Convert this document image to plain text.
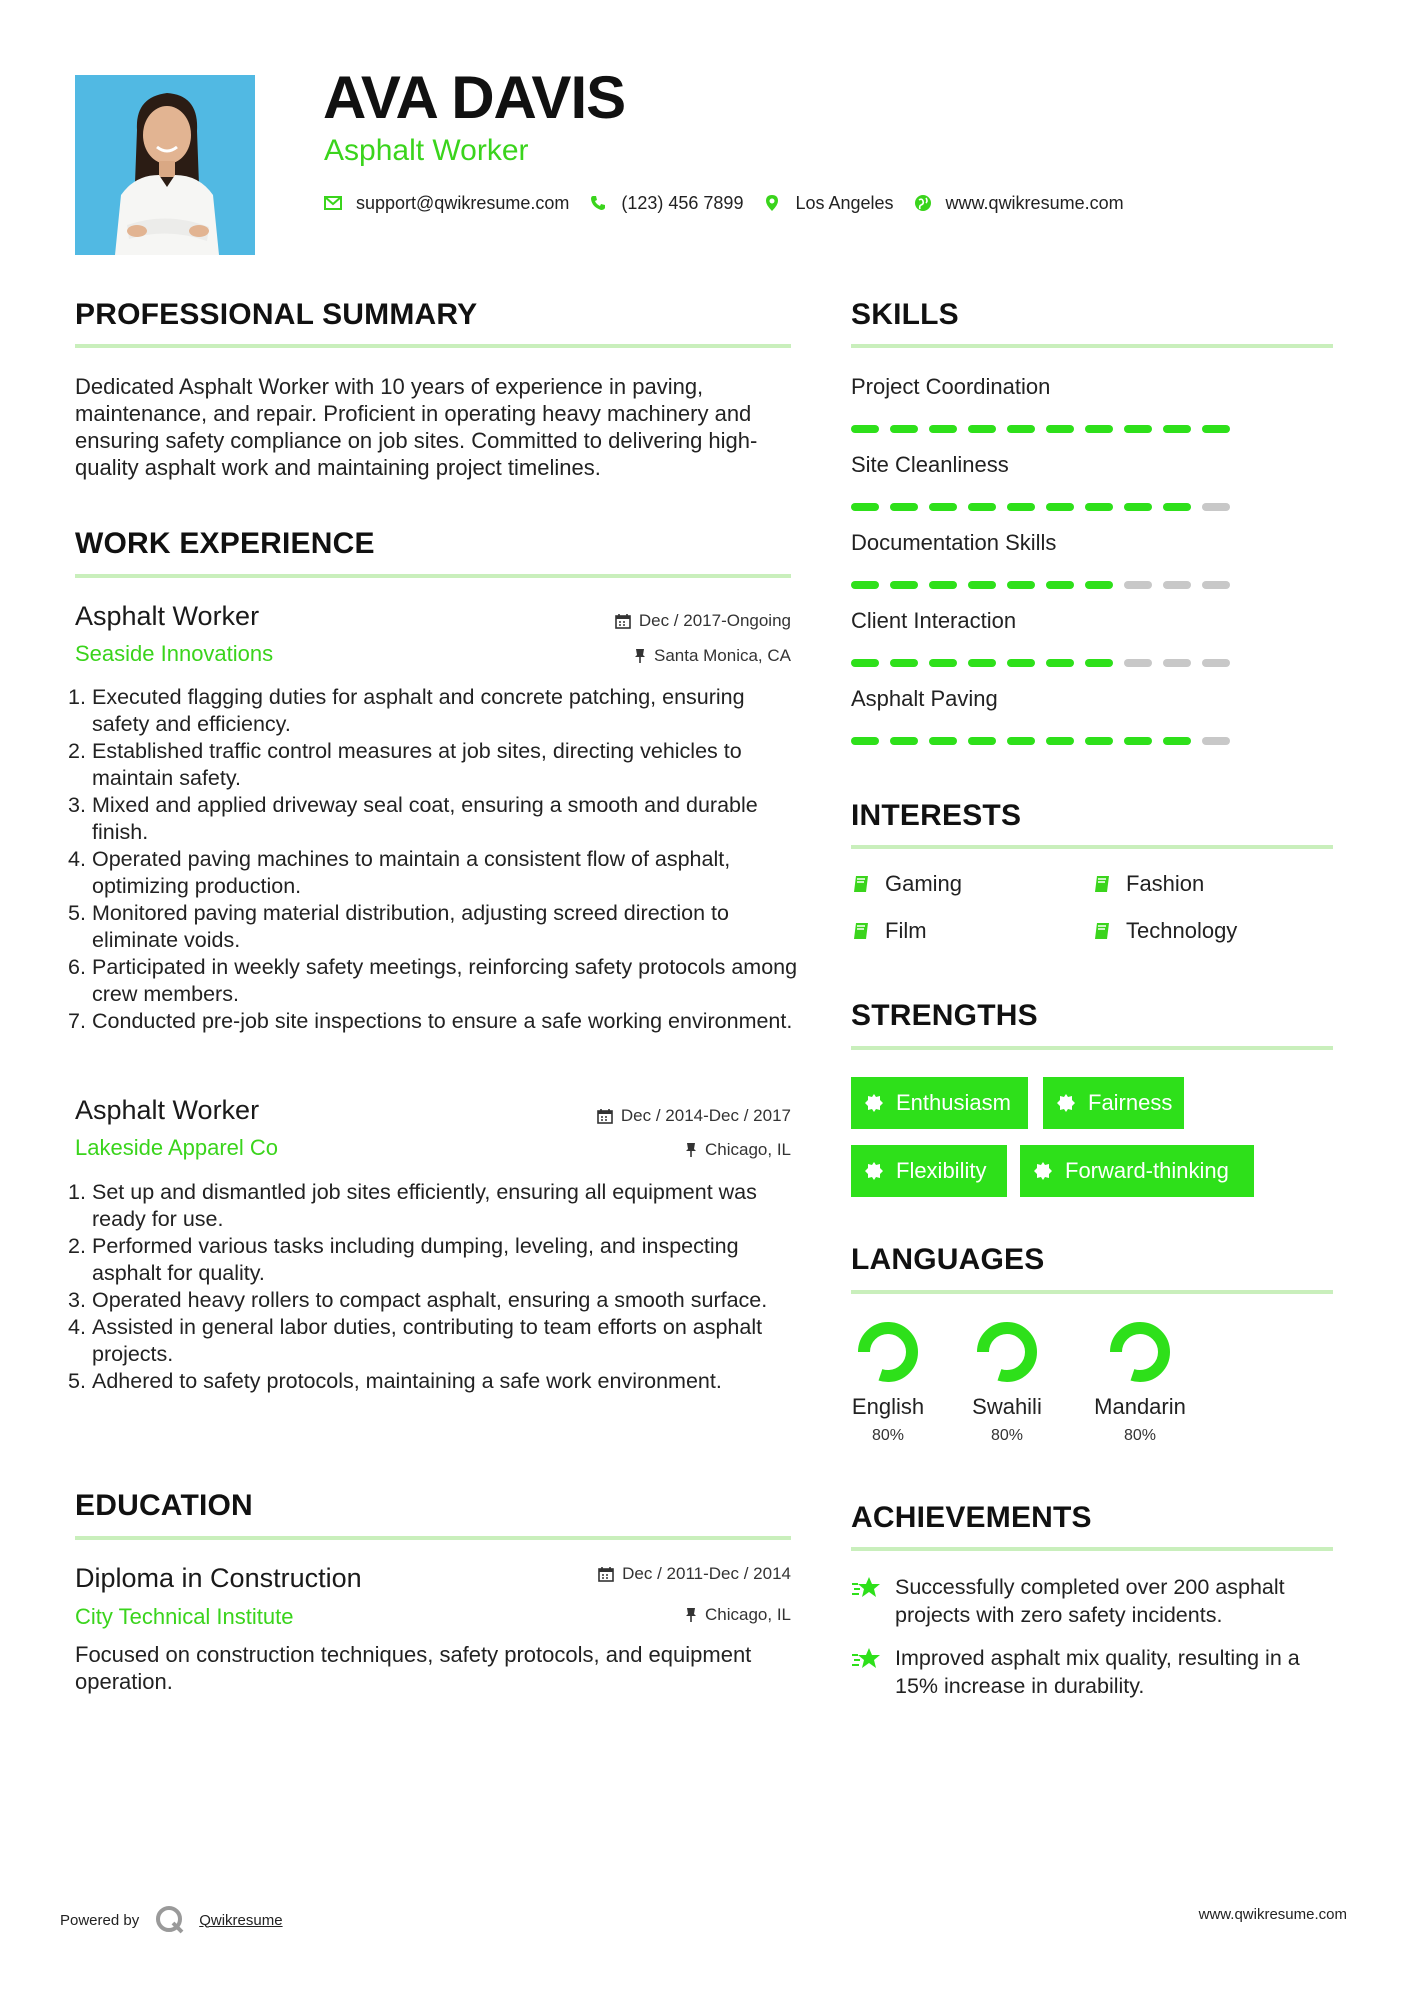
AVA DAVIS
Asphalt Worker
support@qwikresume.com	(123) 456 7899	Los Angeles	www.qwikresume.com
PROFESSIONAL SUMMARY
Dedicated Asphalt Worker with 10 years of experience in paving, maintenance, and repair. Proficient in operating heavy machinery and ensuring safety compliance on job sites. Committed to delivering high-quality asphalt work and maintaining project timelines.
WORK EXPERIENCE
Asphalt Worker	Dec / 2017-Ongoing
Seaside Innovations	Santa Monica, CA
1. Executed flagging duties for asphalt and concrete patching, ensuring safety and efficiency.
2. Established traffic control measures at job sites, directing vehicles to maintain safety.
3. Mixed and applied driveway seal coat, ensuring a smooth and durable finish.
4. Operated paving machines to maintain a consistent flow of asphalt, optimizing production.
5. Monitored paving material distribution, adjusting screed direction to eliminate voids.
6. Participated in weekly safety meetings, reinforcing safety protocols among crew members.
7. Conducted pre-job site inspections to ensure a safe working environment.
Asphalt Worker	Dec / 2014-Dec / 2017
Lakeside Apparel Co	Chicago, IL
1. Set up and dismantled job sites efficiently, ensuring all equipment was ready for use.
2. Performed various tasks including dumping, leveling, and inspecting asphalt for quality.
3. Operated heavy rollers to compact asphalt, ensuring a smooth surface.
4. Assisted in general labor duties, contributing to team efforts on asphalt projects.
5. Adhered to safety protocols, maintaining a safe work environment.
EDUCATION
Diploma in Construction	Dec / 2011-Dec / 2014
City Technical Institute	Chicago, IL
Focused on construction techniques, safety protocols, and equipment operation.
SKILLS
Project Coordination
Site Cleanliness
Documentation Skills
Client Interaction
Asphalt Paving
INTERESTS
Gaming	Fashion
Film	Technology
STRENGTHS
Enthusiasm	Fairness
Flexibility	Forward-thinking
LANGUAGES
English
80%
Swahili
80%
Mandarin
80%
ACHIEVEMENTS
Successfully completed over 200 asphalt projects with zero safety incidents.
Improved asphalt mix quality, resulting in a 15% increase in durability.
Powered by	Qwikresume	www.qwikresume.com
